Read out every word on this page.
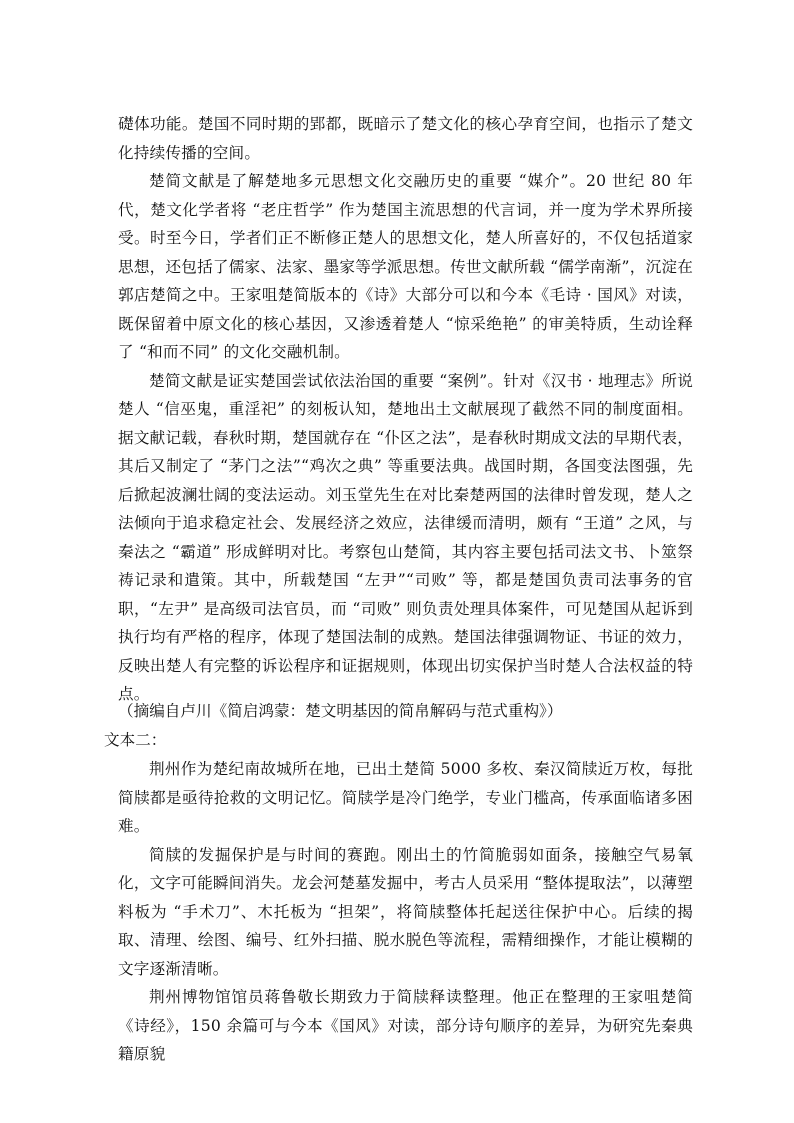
礎体功能。楚国不同时期的郢都，既暗示了楚文化的核心孕育空间，也指示了楚文化持续传播的空间。

楚简文献是了解楚地多元思想文化交融历史的重要 “媒介”。20 世纪 80 年代，楚文化学者将 “老庄哲学” 作为楚国主流思想的代言词，并一度为学术界所接受。时至今日，学者们正不断修正楚人的思想文化，楚人所喜好的，不仅包括道家思想，还包括了儒家、法家、墨家等学派思想。传世文献所载 “儒学南渐”，沉淀在郭店楚简之中。王家咀楚简版本的《诗》大部分可以和今本《毛诗 · 国风》对读，既保留着中原文化的核心基因，又渗透着楚人 “惊采绝艳” 的审美特质，生动诠释了 “和而不同” 的文化交融机制。

楚简文献是证实楚国尝试依法治国的重要 “案例”。针对《汉书 · 地理志》所说楚人 “信巫鬼，重淫祀” 的刻板认知，楚地出土文献展现了截然不同的制度面相。据文献记载，春秋时期，楚国就存在 “仆区之法”，是春秋时期成文法的早期代表，其后又制定了 “茅门之法”“鸡次之典” 等重要法典。战国时期，各国变法图强，先后掀起波澜壮阔的变法运动。刘玉堂先生在对比秦楚两国的法律时曾发现，楚人之法倾向于追求稳定社会、发展经济之效应，法律缓而清明，颇有 “王道” 之风，与秦法之 “霸道” 形成鲜明对比。考察包山楚简，其内容主要包括司法文书、卜筮祭祷记录和遣策。其中，所载楚国 “左尹”“司败” 等，都是楚国负责司法事务的官职，“左尹” 是高级司法官员，而 “司败” 则负责处理具体案件，可见楚国从起诉到执行均有严格的程序，体现了楚国法制的成熟。楚国法律强调物证、书证的效力，反映出楚人有完整的诉讼程序和证据规则，体现出切实保护当时楚人合法权益的特点。

（摘编自卢川《简启鸿蒙：楚文明基因的简帛解码与范式重构》）

文本二：

荆州作为楚纪南故城所在地，已出土楚简 5000 多枚、秦汉简牍近万枚，每批简牍都是亟待抢救的文明记忆。简牍学是冷门绝学，专业门槛高，传承面临诸多困难。

简牍的发掘保护是与时间的赛跑。刚出土的竹简脆弱如面条，接触空气易氧化，文字可能瞬间消失。龙会河楚墓发掘中，考古人员采用 “整体提取法”，以薄塑料板为 “手术刀”、木托板为 “担架”，将简牍整体托起送往保护中心。后续的揭取、清理、绘图、编号、红外扫描、脱水脱色等流程，需精细操作，才能让模糊的文字逐渐清晰。

荆州博物馆馆员蒋鲁敬长期致力于简牍释读整理。他正在整理的王家咀楚简《诗经》，150 余篇可与今本《国风》对读，部分诗句顺序的差异，为研究先秦典籍原貌
